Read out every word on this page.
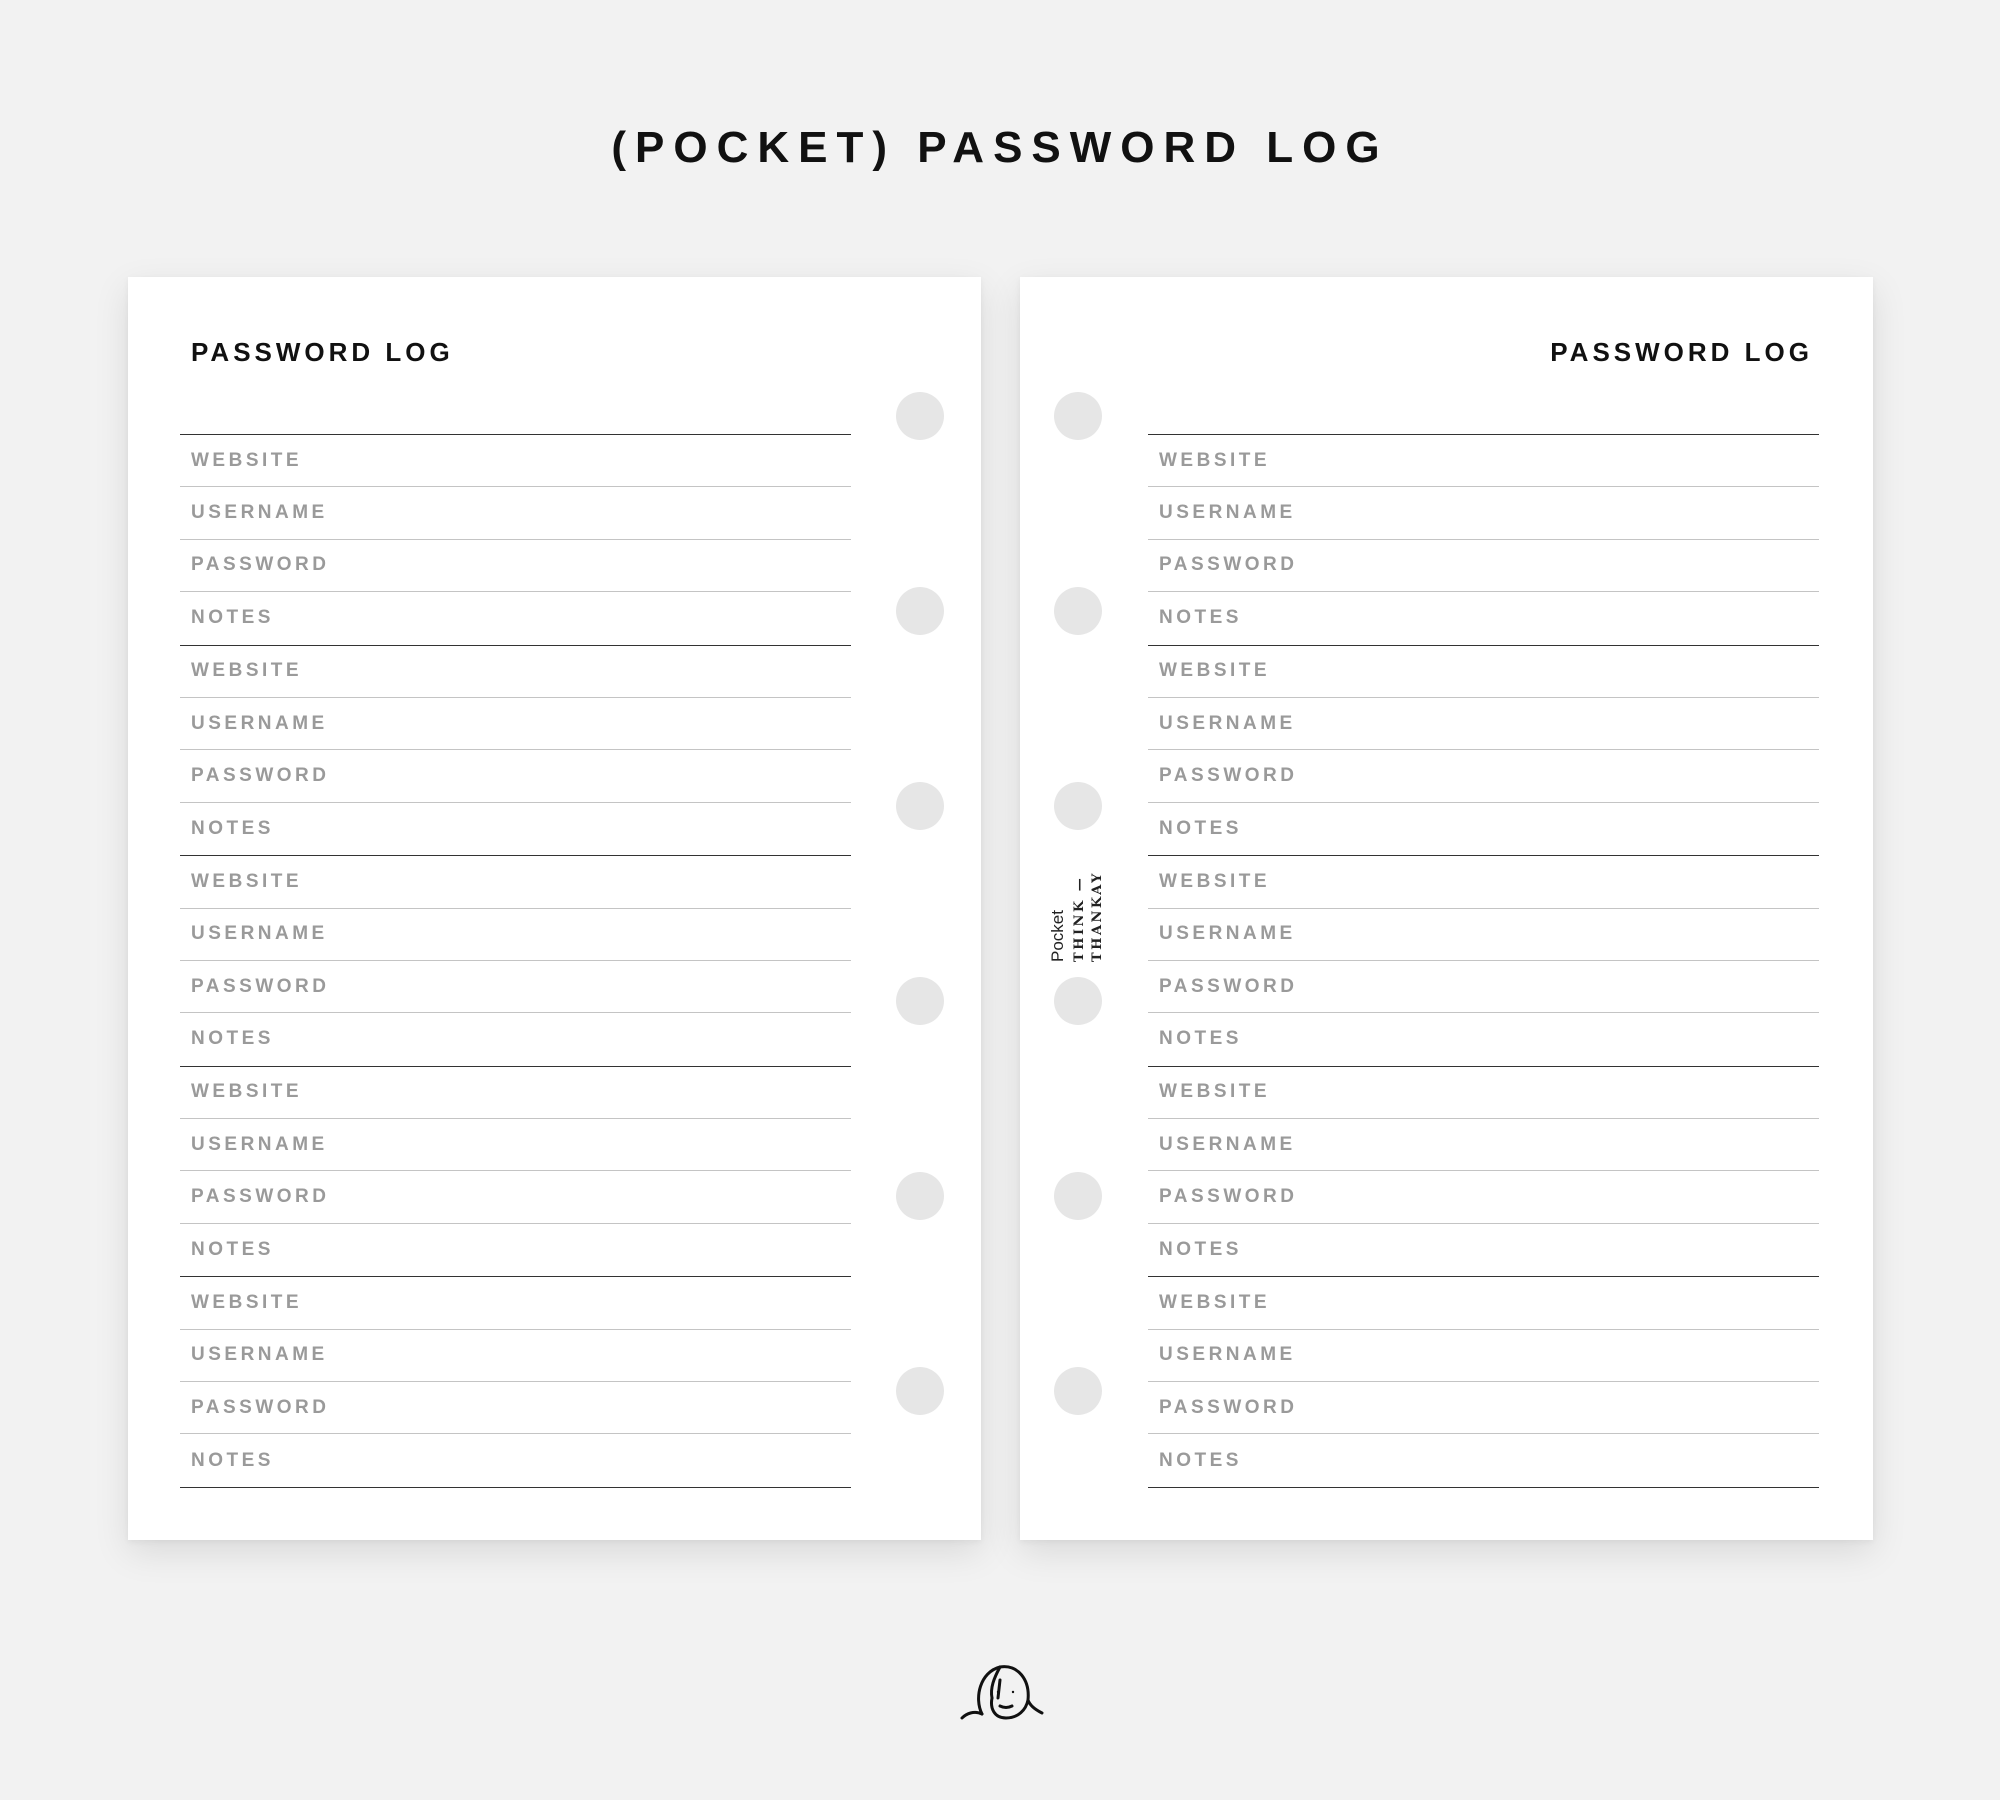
(POCKET) PASSWORD LOG
PASSWORD LOG
WEBSITE
USERNAME
PASSWORD
NOTES
WEBSITE
USERNAME
PASSWORD
NOTES
WEBSITE
USERNAME
PASSWORD
NOTES
WEBSITE
USERNAME
PASSWORD
NOTES
WEBSITE
USERNAME
PASSWORD
NOTES
PASSWORD LOG
WEBSITE
USERNAME
PASSWORD
NOTES
WEBSITE
USERNAME
PASSWORD
NOTES
WEBSITE
USERNAME
PASSWORD
NOTES
WEBSITE
USERNAME
PASSWORD
NOTES
WEBSITE
USERNAME
PASSWORD
NOTES
Pocket THINK — THANKAY
